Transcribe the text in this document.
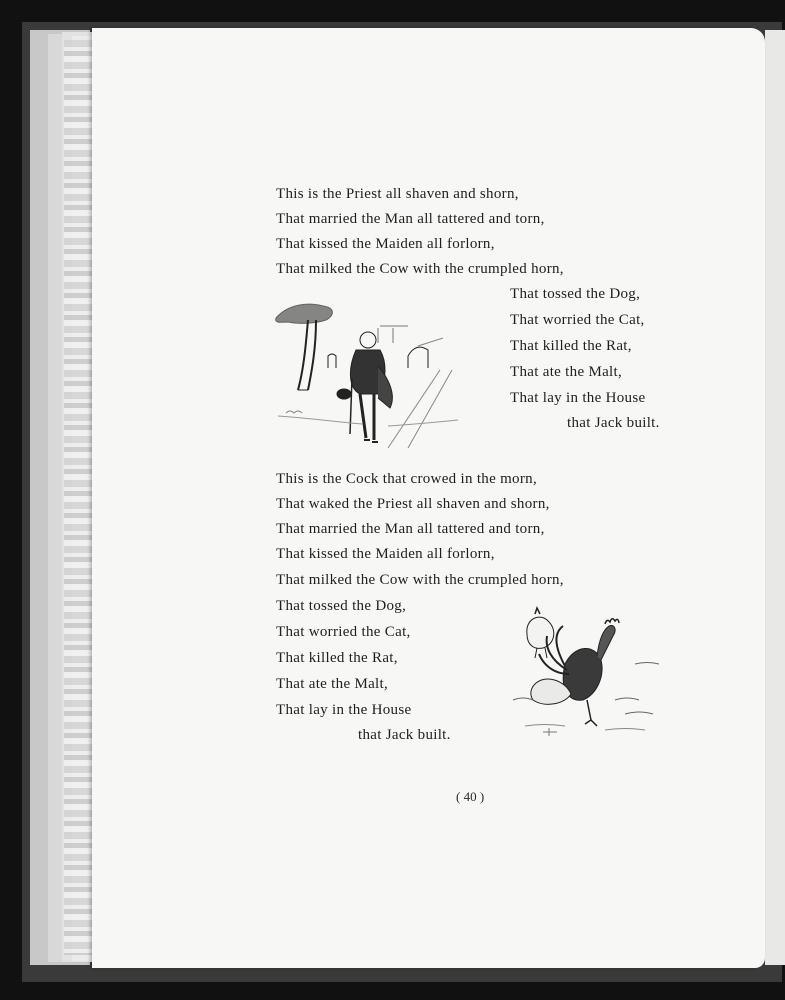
This is the Priest all shaven and shorn,
That married the Man all tattered and torn,
That kissed the Maiden all forlorn,
That milked the Cow with the crumpled horn,
That tossed the Dog,
That worried the Cat,
That killed the Rat,
That ate the Malt,
That lay in the House
that Jack built.
This is the Cock that crowed in the morn,
That waked the Priest all shaven and shorn,
That married the Man all tattered and torn,
That kissed the Maiden all forlorn,
That milked the Cow with the crumpled horn,
That tossed the Dog,
That worried the Cat,
That killed the Rat,
That ate the Malt,
That lay in the House
that Jack built.
( 40 )
